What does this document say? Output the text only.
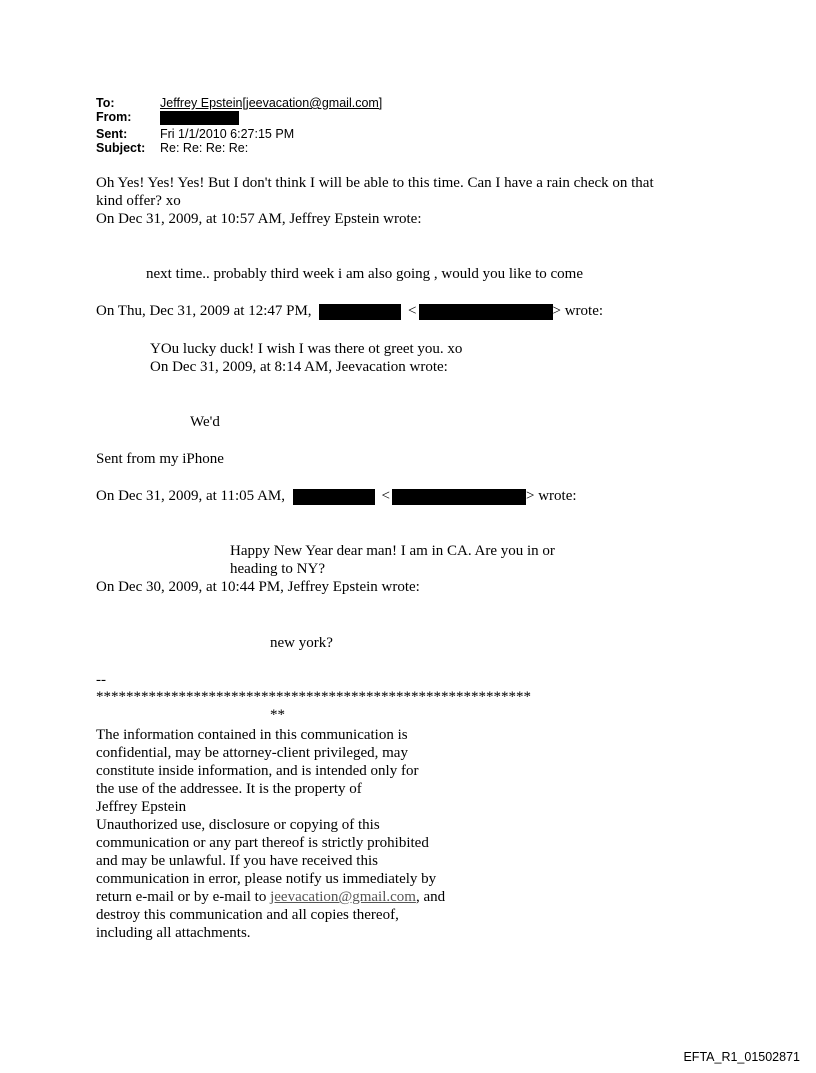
To:	Jeffrey Epstein[jeevacation@gmail.com]
From:
Sent:	Fri 1/1/2010 6:27:15 PM
Subject: Re: Re: Re: Re:
Oh Yes! Yes! Yes! But I don't think I will be able to this time. Can I have a rain check on that
kind offer? xo
On Dec 31, 2009, at 10:57 AM, Jeffrey Epstein wrote:
next time.. probably third week i am also going , would you like to come
On Thu, Dec 31, 2009 at 12:47 PM,	<	> wrote:
YOu lucky duck! I wish I was there ot greet you. xo
On Dec 31, 2009, at 8:14 AM, Jeevacation wrote:
We'd
Sent from my iPhone
On Dec 31, 2009, at 11:05 AM,	<	> wrote:
Happy New Year dear man! I am in CA. Are you in or
heading to NY?
On Dec 30, 2009, at 10:44 PM, Jeffrey Epstein wrote:
new york?
--
**********************************************************
**
The information contained in this communication is
confidential, may be attorney-client privileged, may
constitute inside information, and is intended only for
the use of the addressee. It is the property of
Jeffrey Epstein
Unauthorized use, disclosure or copying of this
communication or any part thereof is strictly prohibited
and may be unlawful. If you have received this
communication in error, please notify us immediately by
return e-mail or by e-mail to jeevacation@gmail.com, and
destroy this communication and all copies thereof,
including all attachments.
EFTA_R1_01502871
